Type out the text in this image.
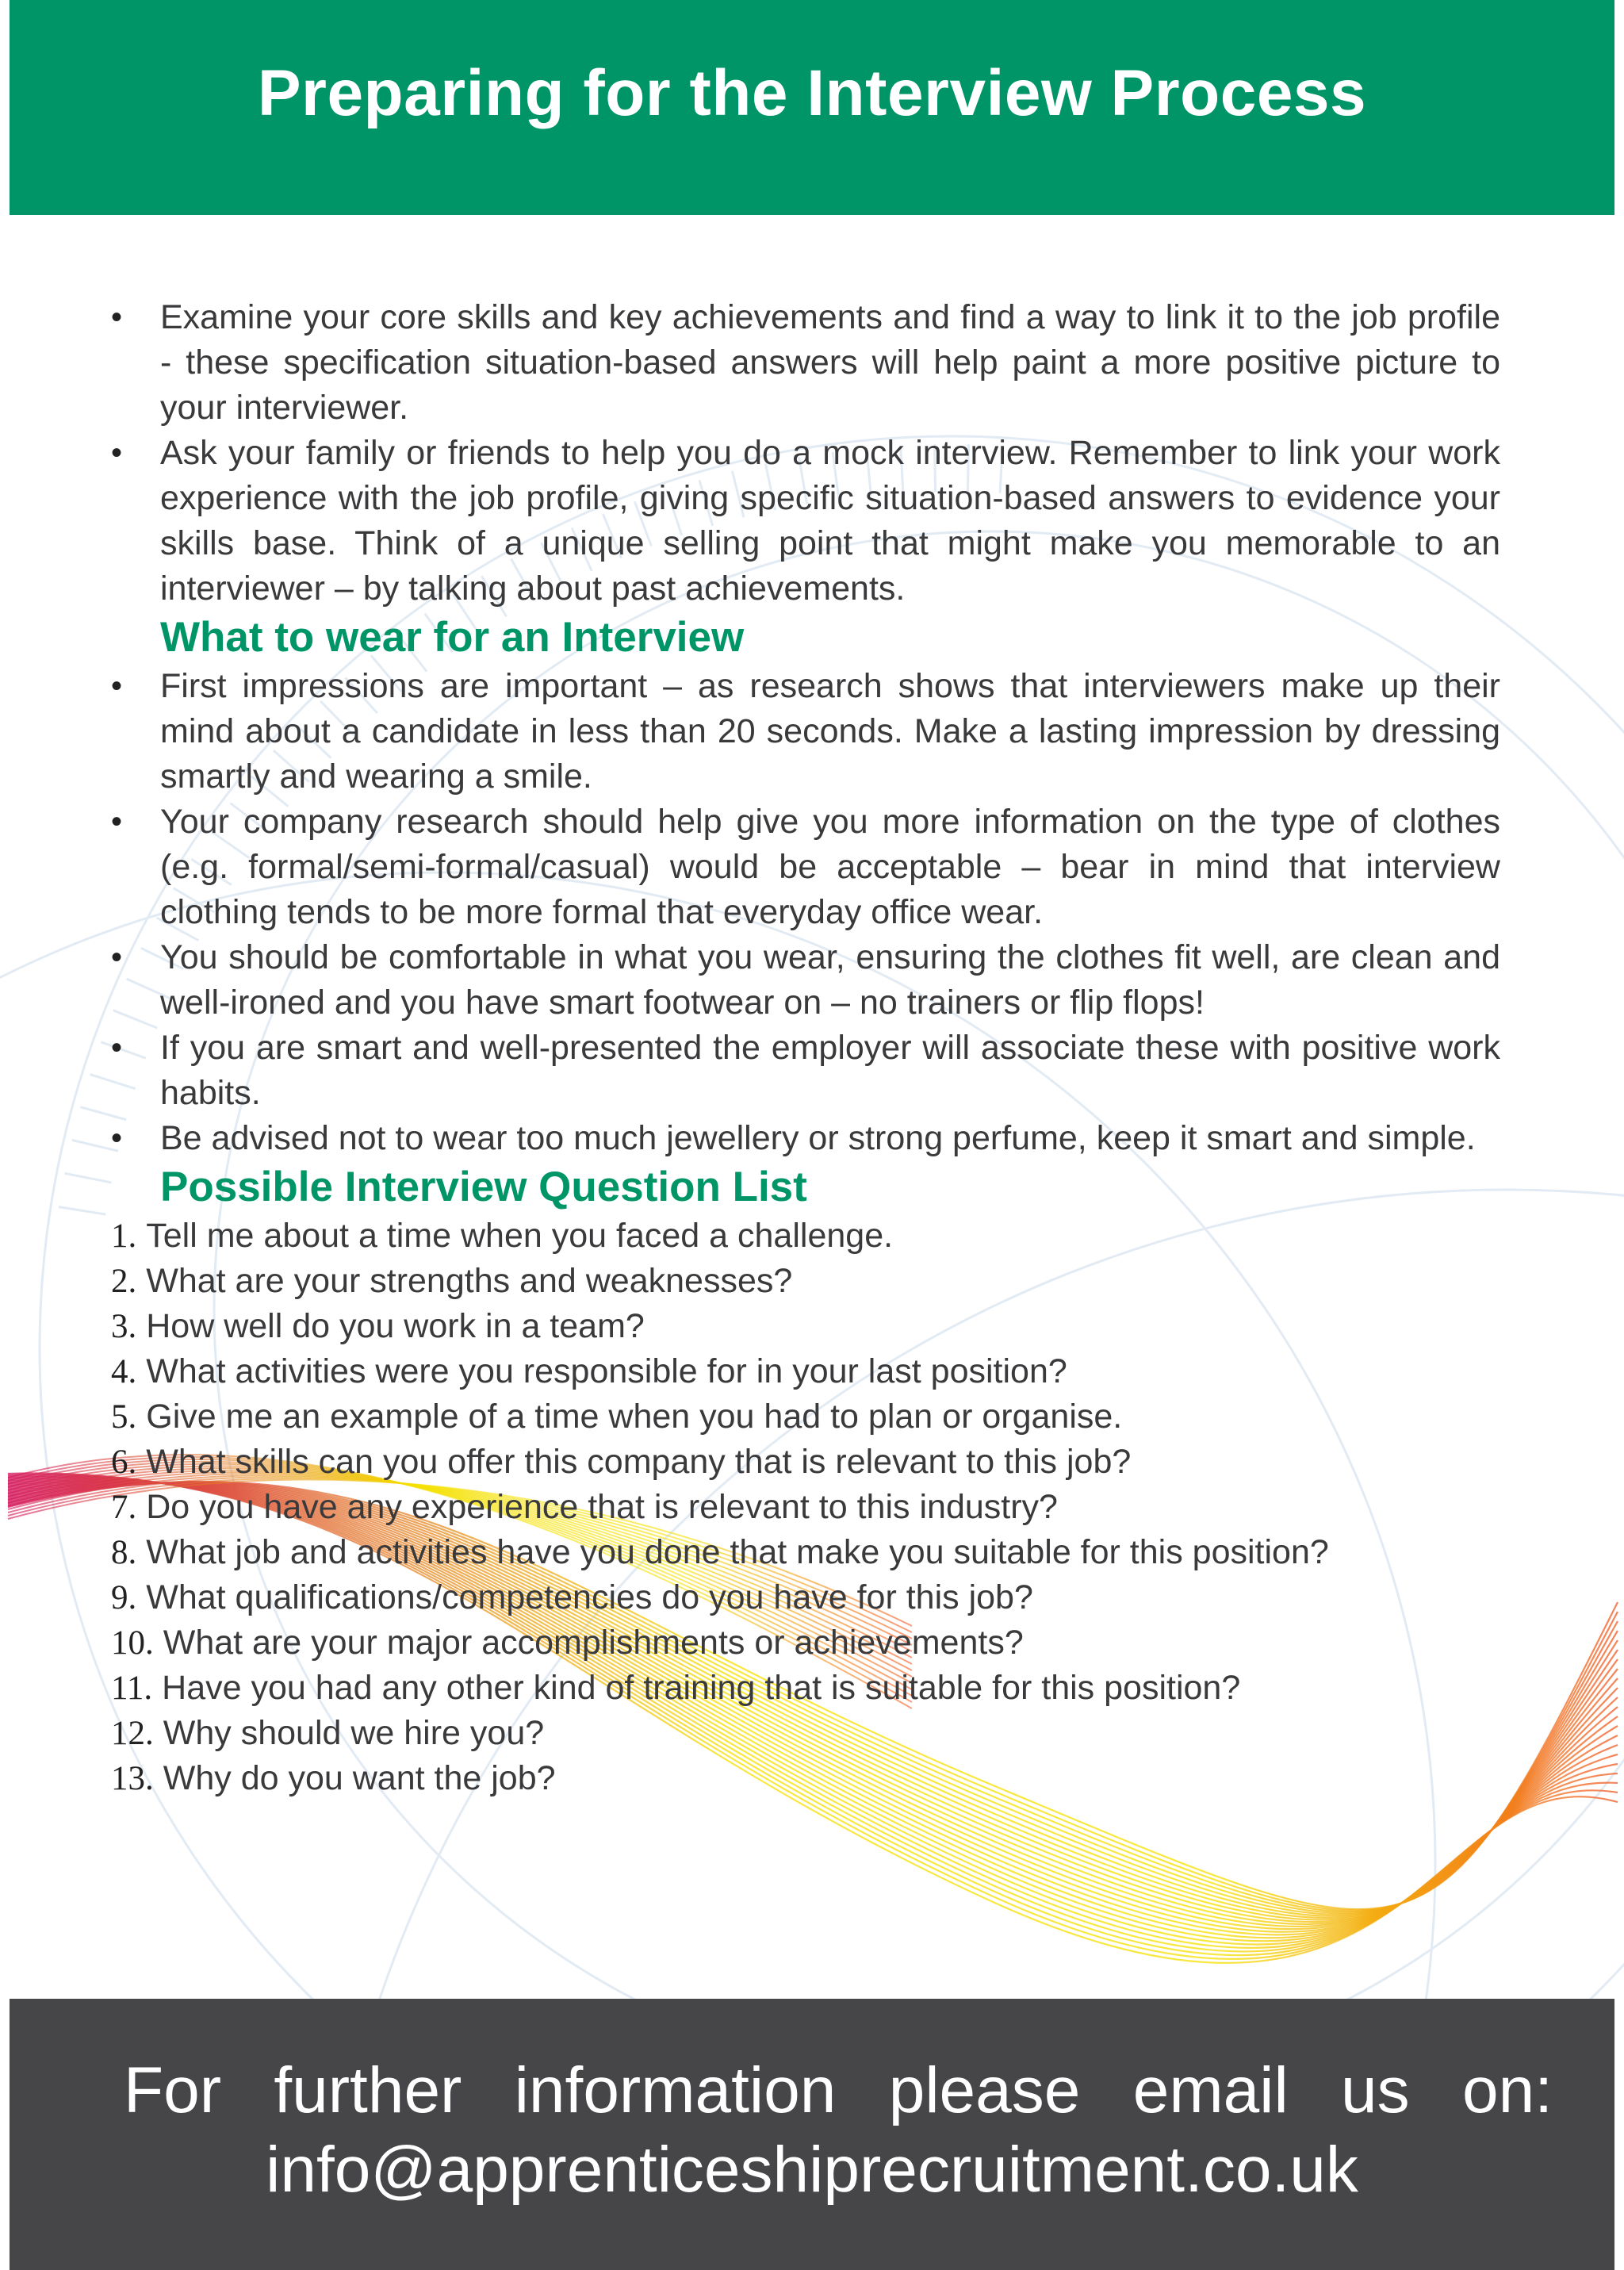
Preparing for the Interview Process
• Examine your core skills and key achievements and find a way to link it to the job profile - these specification situation-based answers will help paint a more positive picture to your interviewer.
• Ask your family or friends to help you do a mock interview. Remember to link your work experience with the job profile, giving specific situation-based answers to evidence your skills base. Think of a unique selling point that might make you memorable to an interviewer – by talking about past achievements.
What to wear for an Interview
• First impressions are important – as research shows that interviewers make up their mind about a candidate in less than 20 seconds. Make a lasting impression by dressing smartly and wearing a smile.
• Your company research should help give you more information on the type of clothes (e.g. formal/semi-formal/casual) would be acceptable – bear in mind that interview clothing tends to be more formal that everyday office wear.
• You should be comfortable in what you wear, ensuring the clothes fit well, are clean and well-ironed and you have smart footwear on – no trainers or flip flops!
• If you are smart and well-presented the employer will associate these with positive work habits.
• Be advised not to wear too much jewellery or strong perfume, keep it smart and simple.
Possible Interview Question List
1. Tell me about a time when you faced a challenge.
2. What are your strengths and weaknesses?
3. How well do you work in a team?
4. What activities were you responsible for in your last position?
5. Give me an example of a time when you had to plan or organise.
6. What skills can you offer this company that is relevant to this job?
7. Do you have any experience that is relevant to this industry?
8. What job and activities have you done that make you suitable for this position?
9. What qualifications/competencies do you have for this job?
10. What are your major accomplishments or achievements?
11. Have you had any other kind of training that is suitable for this position?
12. Why should we hire you?
13. Why do you want the job?
For further information please email us on:
info@apprenticeshiprecruitment.co.uk
